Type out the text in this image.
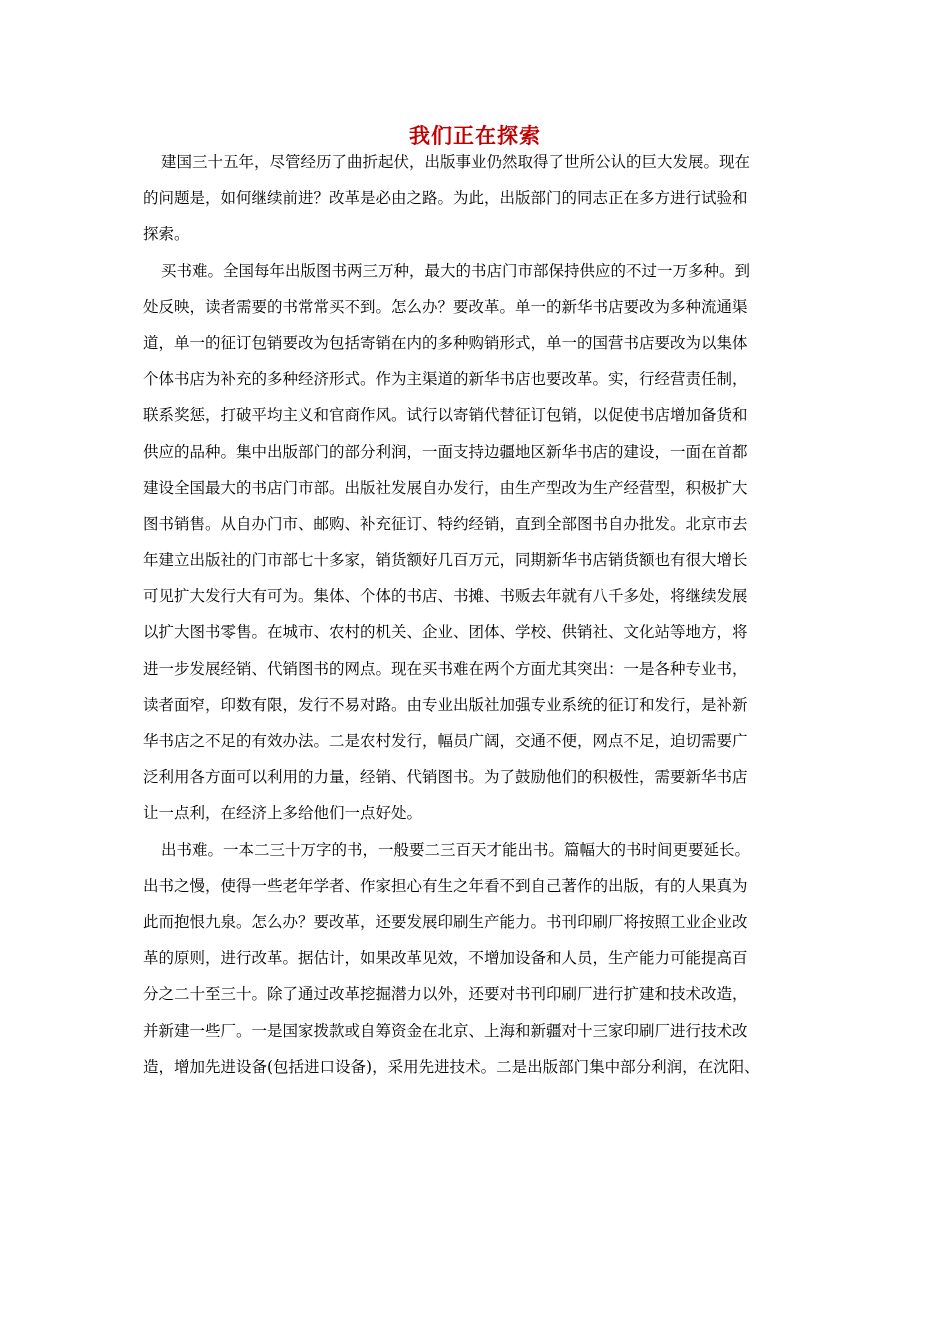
我们正在探索
建国三十五年，尽管经历了曲折起伏，出版事业仍然取得了世所公认的巨大发展。现在
的问题是，如何继续前进？改革是必由之路。为此，出版部门的同志正在多方进行试验和
探索。
买书难。全国每年出版图书两三万种，最大的书店门市部保持供应的不过一万多种。到
处反映，读者需要的书常常买不到。怎么办？要改革。单一的新华书店要改为多种流通渠
道，单一的征订包销要改为包括寄销在内的多种购销形式，单一的国营书店要改为以集体
个体书店为补充的多种经济形式。作为主渠道的新华书店也要改革。实，行经营责任制，
联系奖惩，打破平均主义和官商作风。试行以寄销代替征订包销，以促使书店增加备货和
供应的品种。集中出版部门的部分利润，一面支持边疆地区新华书店的建设，一面在首都
建设全国最大的书店门市部。出版社发展自办发行，由生产型改为生产经营型，积极扩大
图书销售。从自办门市、邮购、补充征订、特约经销，直到全部图书自办批发。北京市去
年建立出版社的门市部七十多家，销货额好几百万元，同期新华书店销货额也有很大增长
可见扩大发行大有可为。集体、个体的书店、书摊、书贩去年就有八千多处，将继续发展
以扩大图书零售。在城市、农村的机关、企业、团体、学校、供销社、文化站等地方，将
进一步发展经销、代销图书的网点。现在买书难在两个方面尤其突出：一是各种专业书，
读者面窄，印数有限，发行不易对路。由专业出版社加强专业系统的征订和发行，是补新
华书店之不足的有效办法。二是农村发行，幅员广阔，交通不便，网点不足，迫切需要广
泛利用各方面可以利用的力量，经销、代销图书。为了鼓励他们的积极性，需要新华书店
让一点利，在经济上多给他们一点好处。
出书难。一本二三十万字的书，一般要二三百天才能出书。篇幅大的书时间更要延长。
出书之慢，使得一些老年学者、作家担心有生之年看不到自己著作的出版，有的人果真为
此而抱恨九泉。怎么办？要改革，还要发展印刷生产能力。书刊印刷厂将按照工业企业改
革的原则，进行改革。据估计，如果改革见效，不增加设备和人员，生产能力可能提高百
分之二十至三十。除了通过改革挖掘潜力以外，还要对书刊印刷厂进行扩建和技术改造，
并新建一些厂。一是国家拨款或自筹资金在北京、上海和新疆对十三家印刷厂进行技术改
造，增加先进设备(包括进口设备)，采用先进技术。二是出版部门集中部分利润，在沈阳、
